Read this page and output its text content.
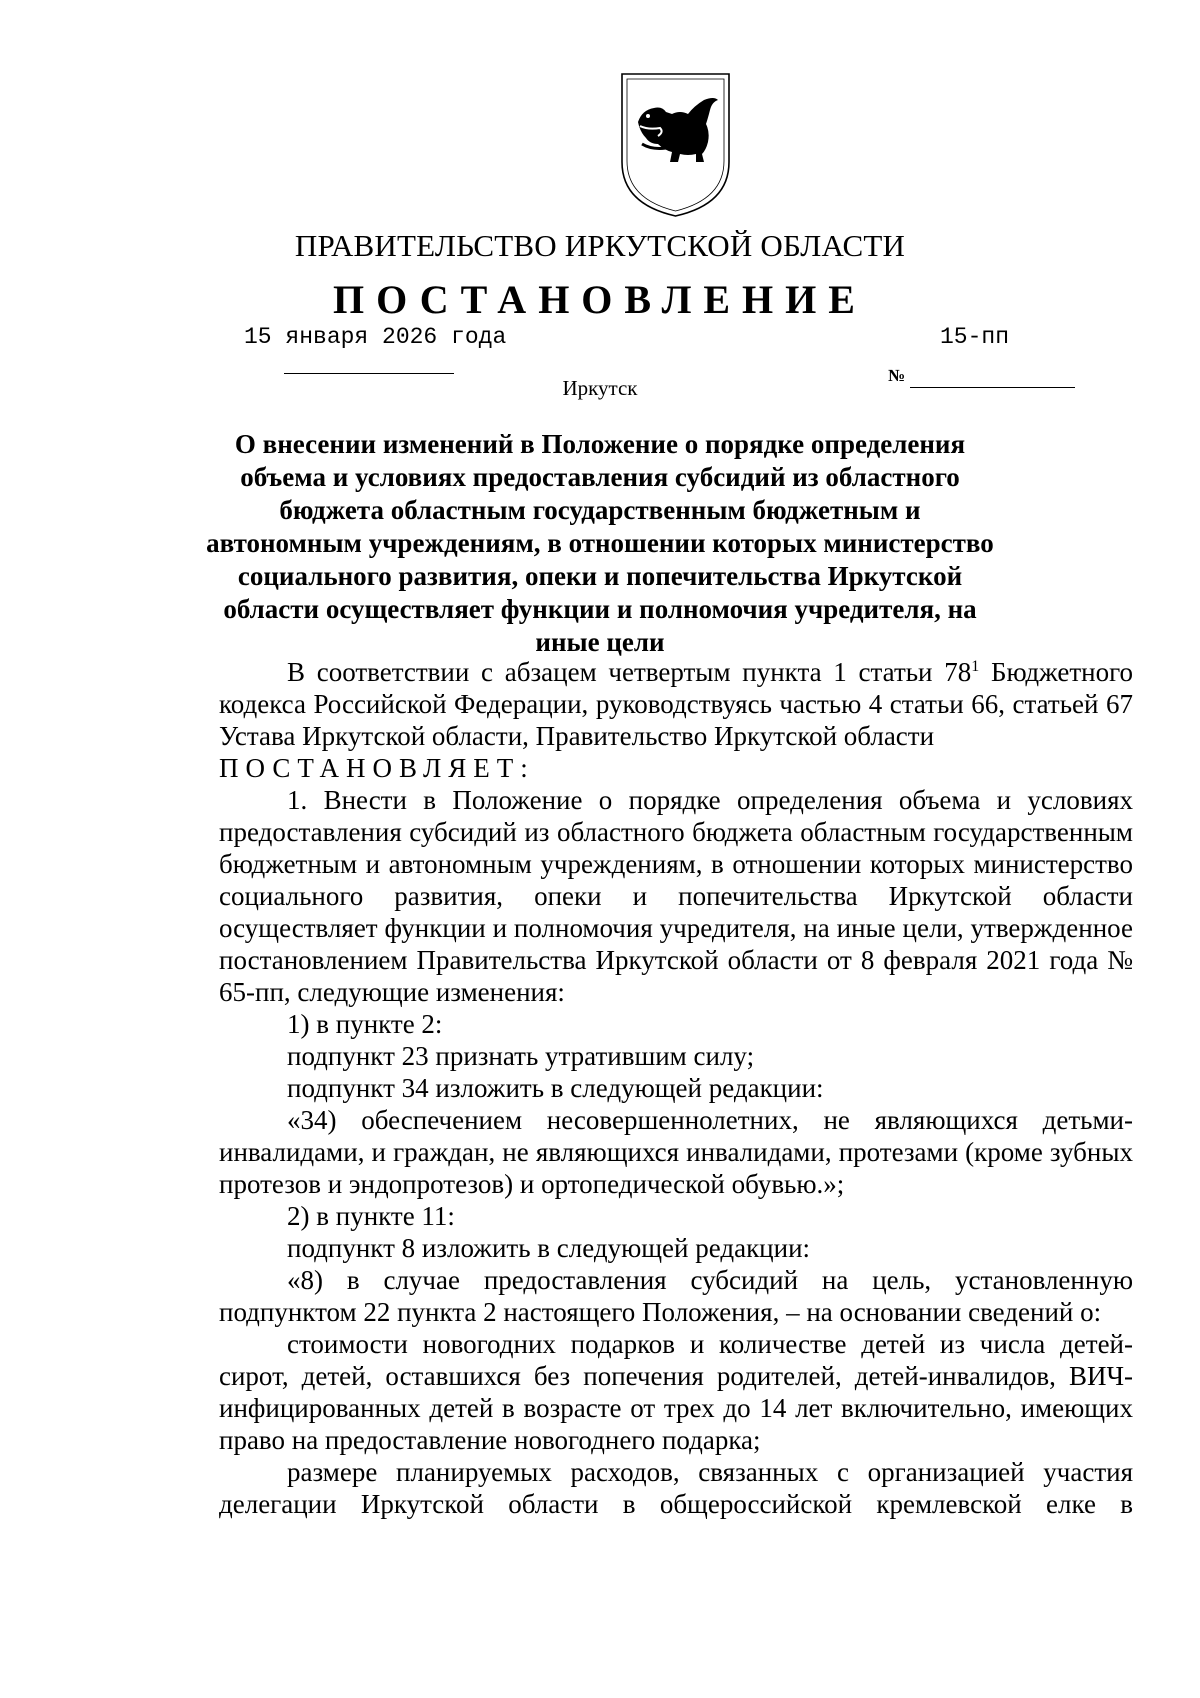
ПРАВИТЕЛЬСТВО ИРКУТСКОЙ ОБЛАСТИ
ПОСТАНОВЛЕНИЕ
15 января 2026 года
№
15-пп
Иркутск
О внесении изменений в Положение о порядке определения объема и условиях предоставления субсидий из областного бюджета областным государственным бюджетным и автономным учреждениям, в отношении которых министерство социального развития, опеки и попечительства Иркутской области осуществляет функции и полномочия учредителя, на иные цели

В соответствии с абзацем четвертым пункта 1 статьи $78^1$ Бюджетного кодекса Российской Федерации, руководствуясь частью 4 статьи 66, статьей 67 Устава Иркутской области, Правительство Иркутской области

ПОСТАНОВЛЯЕТ:

1. Внести в Положение о порядке определения объема и условиях предоставления субсидий из областного бюджета областным государственным бюджетным и автономным учреждениям, в отношении которых министерство социального развития, опеки и попечительства Иркутской области осуществляет функции и полномочия учредителя, на иные цели, утвержденное постановлением Правительства Иркутской области от 8 февраля 2021 года № 65-пп, следующие изменения:

1) в пункте 2:

подпункт 23 признать утратившим силу;

подпункт 34 изложить в следующей редакции:

«34) обеспечением несовершеннолетних, не являющихся детьми-инвалидами, и граждан, не являющихся инвалидами, протезами (кроме зубных протезов и эндопротезов) и ортопедической обувью.»;

2) в пункте 11:

подпункт 8 изложить в следующей редакции:

«8) в случае предоставления субсидий на цель, установленную подпунктом 22 пункта 2 настоящего Положения, – на основании сведений о:

стоимости новогодних подарков и количестве детей из числа детей-сирот, детей, оставшихся без попечения родителей, детей-инвалидов, ВИЧ-инфицированных детей в возрасте от трех до 14 лет включительно, имеющих право на предоставление новогоднего подарка;

размере планируемых расходов, связанных с организацией участия делегации Иркутской области в общероссийской кремлевской елке в
